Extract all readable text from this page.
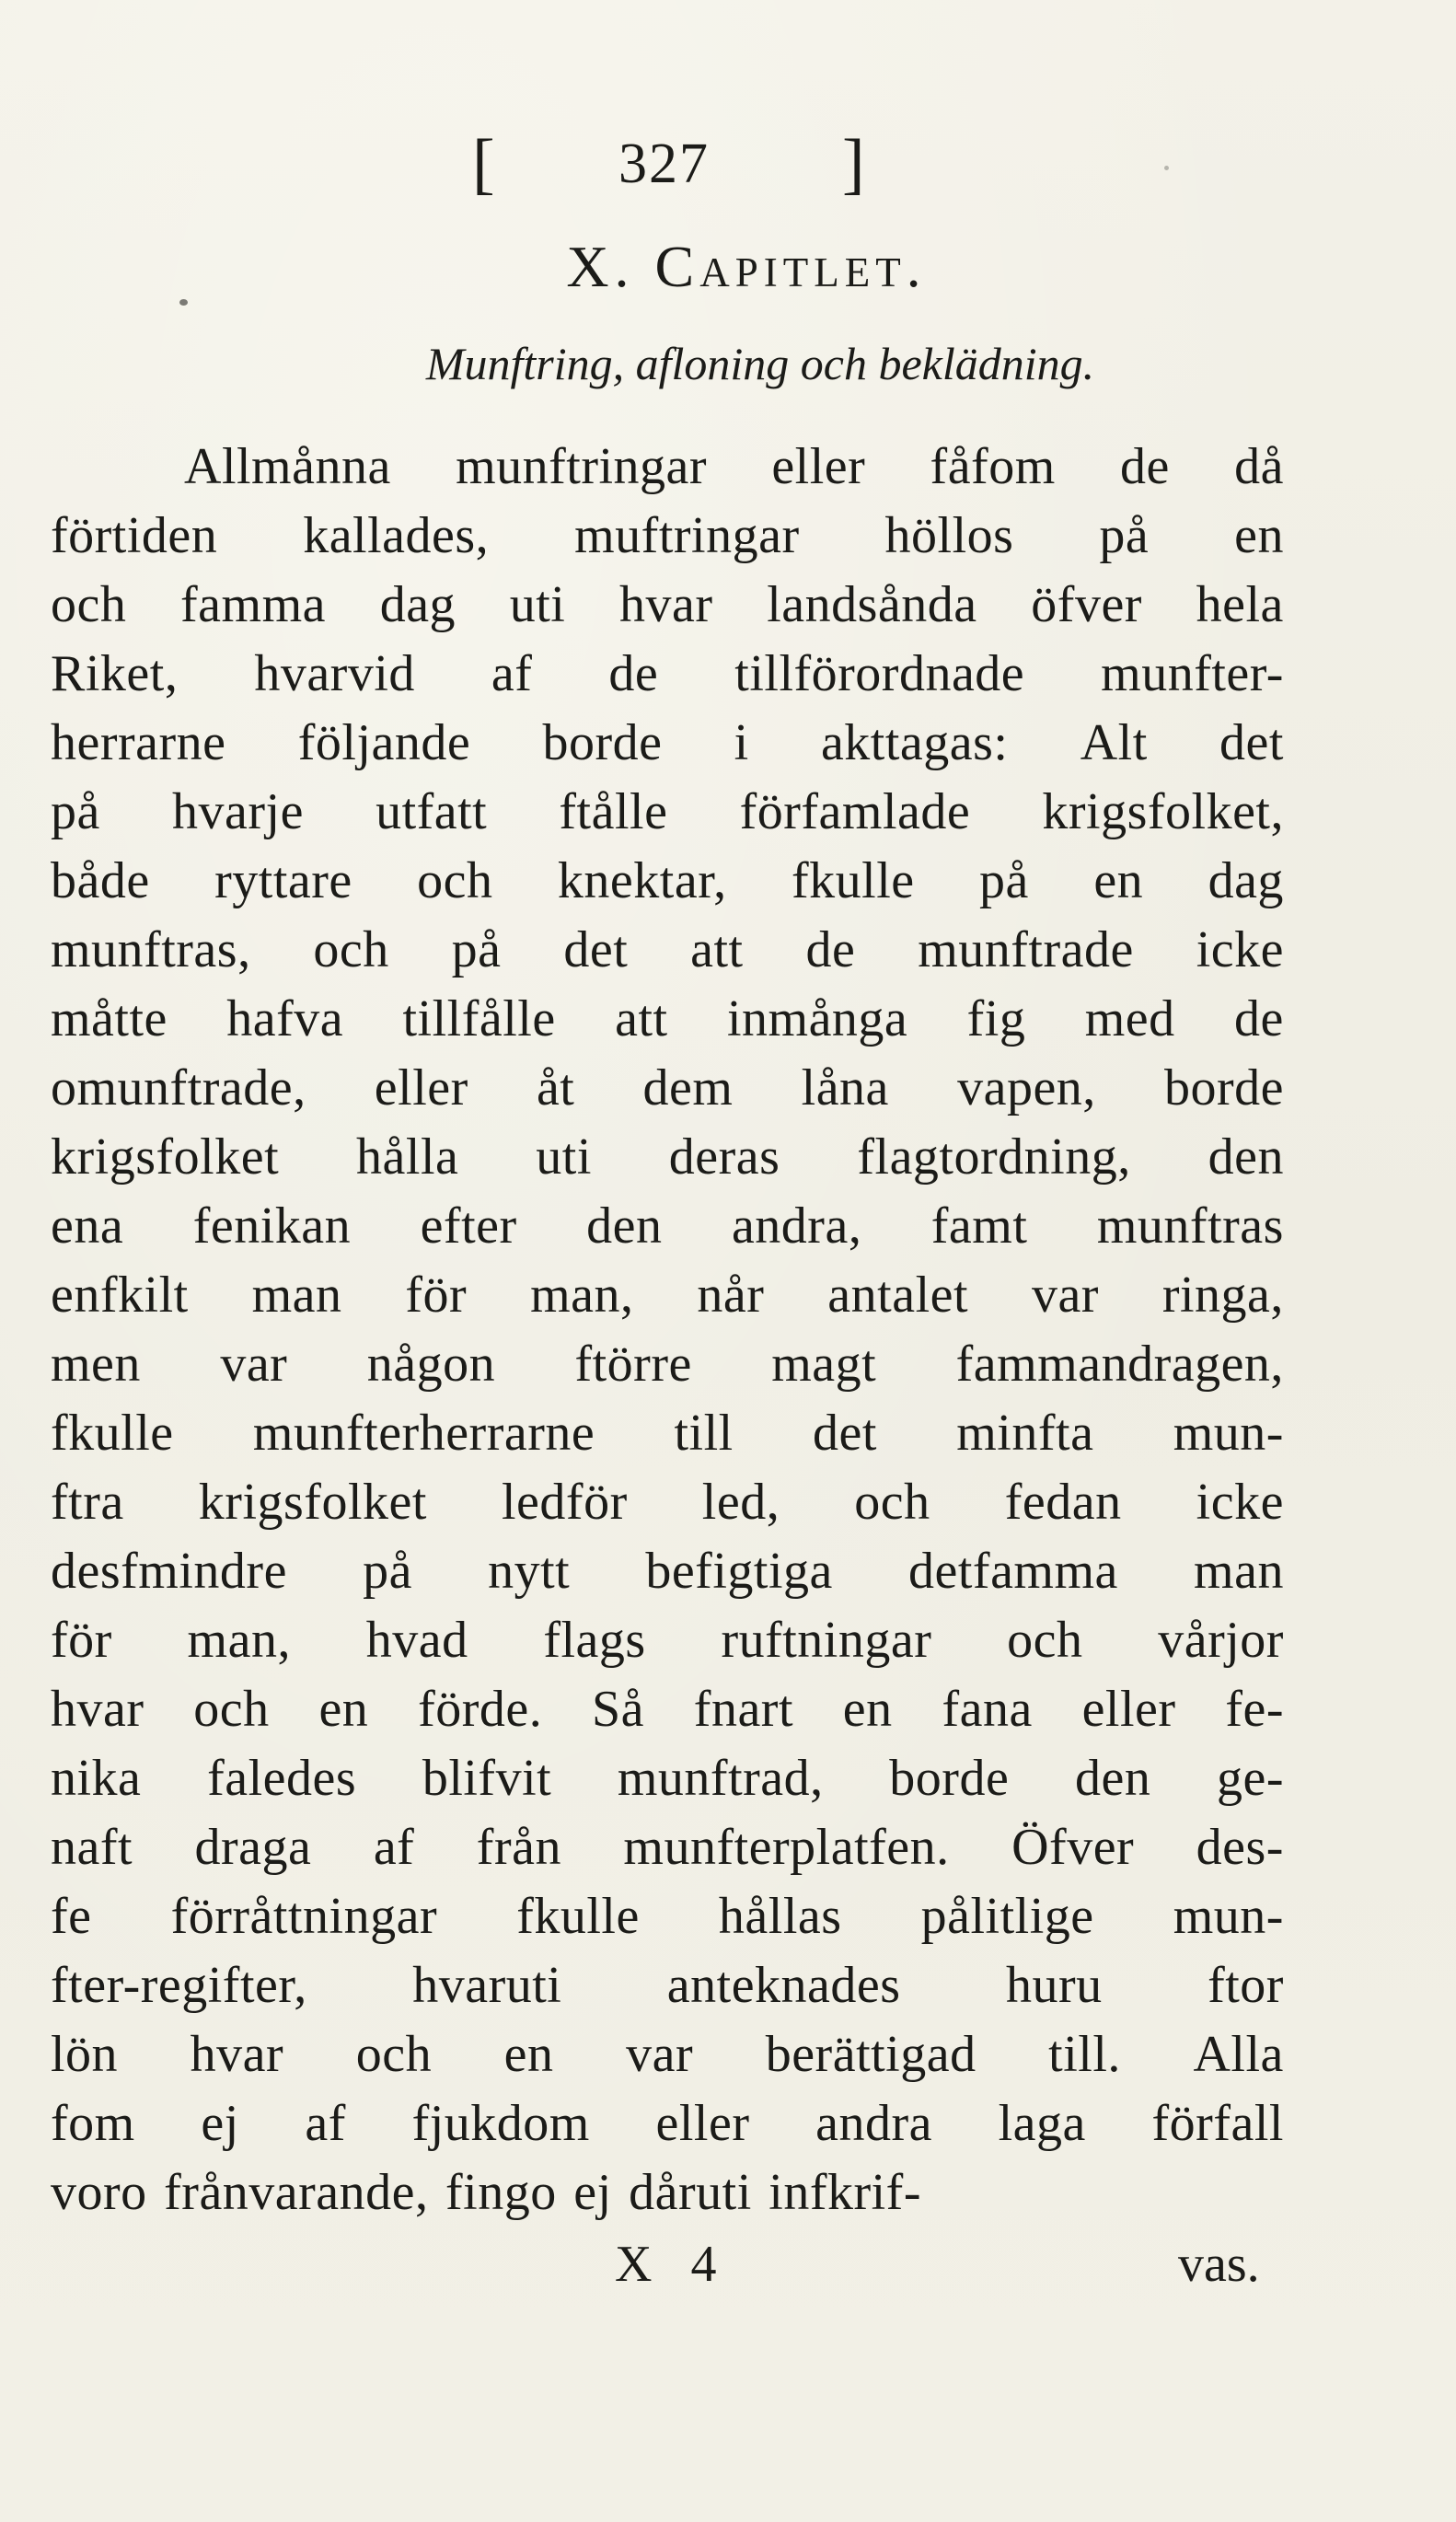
[ 327 ]
X. Capitlet.
Munftring, afloning och beklädning.
Allmånna munftringar eller fåfom de då
förtiden kallades, muftringar höllos på en
och famma dag uti hvar landsånda öfver hela
Riket, hvarvid af de tillförordnade munfter-
herrarne följande borde i akttagas: Alt det
på hvarje utfatt ftålle förfamlade krigsfolket,
både ryttare och knektar, fkulle på en dag
munftras, och på det att de munftrade icke
måtte hafva tillfålle att inmånga fig med de
omunftrade, eller åt dem låna vapen, borde
krigsfolket hålla uti deras flagtordning, den
ena fenikan efter den andra, famt munftras
enfkilt man för man, når antalet var ringa,
men var någon ftörre magt fammandragen,
fkulle munfterherrarne till det minfta mun-
ftra krigsfolket ledför led, och fedan icke
desfmindre på nytt befigtiga detfamma man
för man, hvad flags ruftningar och vårjor
hvar och en förde. Så fnart en fana eller fe-
nika faledes blifvit munftrad, borde den ge-
naft draga af från munfterplatfen. Öfver des-
fe förråttningar fkulle hållas pålitlige mun-
fter-regifter, hvaruti anteknades huru ftor
lön hvar och en var berättigad till. Alla
fom ej af fjukdom eller andra laga förfall
voro frånvarande, fingo ej dåruti infkrif-
X 4	vas.
